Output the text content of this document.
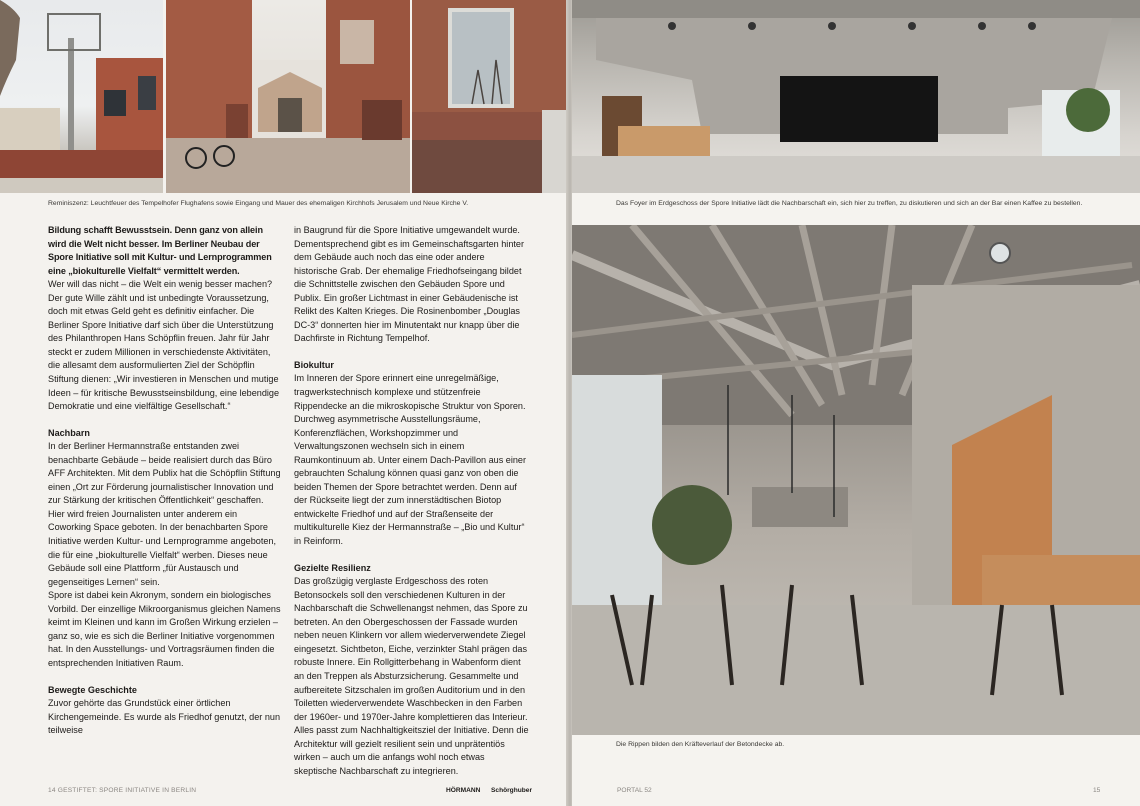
Reminiszenz: Leuchtfeuer des Tempelhofer Flughafens sowie Eingang und Mauer des ehemaligen Kirchhofs Jerusalem und Neue Kirche V.

Bildung schafft Bewusstsein. Denn ganz von allein wird die Welt nicht besser. Im Berliner Neubau der Spore Initiative soll mit Kultur- und Lernprogrammen eine „biokulturelle Vielfalt“ vermittelt werden.

Wer will das nicht – die Welt ein wenig besser machen? Der gute Wille zählt und ist unbedingte Voraussetzung, doch mit etwas Geld geht es definitiv einfacher. Die Berliner Spore Initiative darf sich über die Unterstützung des Philanthropen Hans Schöpflin freuen. Jahr für Jahr steckt er zudem Millionen in verschiedenste Aktivitäten, die allesamt dem ausformulierten Ziel der Schöpflin Stiftung dienen: „Wir investieren in Menschen und mutige Ideen – für kritische Bewusstseinsbildung, eine lebendige Demokratie und eine vielfältige Gesellschaft.“

Nachbarn

In der Berliner Hermannstraße entstanden zwei benachbarte Gebäude – beide realisiert durch das Büro AFF Architekten. Mit dem Publix hat die Schöpflin Stiftung einen „Ort zur Förderung journalistischer Innovation und zur Stärkung der kritischen Öffentlichkeit“ geschaffen. Hier wird freien Journalisten unter anderem ein Coworking Space geboten. In der benachbarten Spore Initiative werden Kultur- und Lernprogramme angeboten, die für eine „biokulturelle Vielfalt“ werben. Dieses neue Gebäude soll eine Plattform „für Austausch und gegenseitiges Lernen“ sein.

Spore ist dabei kein Akronym, sondern ein biologisches Vorbild. Der einzellige Mikroorganismus gleichen Namens keimt im Kleinen und kann im Großen Wirkung erzielen – ganz so, wie es sich die Berliner Initiative vorgenommen hat. In den Ausstellungs- und Vortragsräumen finden die entsprechenden Initiativen Raum.

Bewegte Geschichte

Zuvor gehörte das Grundstück einer örtlichen Kirchengemeinde. Es wurde als Friedhof genutzt, der nun teilweise

in Baugrund für die Spore Initiative umgewandelt wurde. Dementsprechend gibt es im Gemeinschaftsgarten hinter dem Gebäude auch noch das eine oder andere historische Grab. Der ehemalige Friedhofseingang bildet die Schnittstelle zwischen den Gebäuden Spore und Publix. Ein großer Lichtmast in einer Gebäudenische ist Relikt des Kalten Krieges. Die Rosinenbomber „Douglas DC-3“ donnerten hier im Minutentakt nur knapp über die Dachfirste in Richtung Tempelhof.

Biokultur

Im Inneren der Spore erinnert eine unregelmäßige, tragwerkstechnisch komplexe und stützenfreie Rippendecke an die mikroskopische Struktur von Sporen. Durchweg asymmetrische Ausstellungsräume, Konferenzflächen, Workshopzimmer und Verwaltungszonen wechseln sich in einem Raumkontinuum ab. Unter einem Dach-Pavillon aus einer gebrauchten Schalung können quasi ganz von oben die beiden Themen der Spore betrachtet werden. Denn auf der Rückseite liegt der zum innerstädtischen Biotop entwickelte Friedhof und auf der Straßenseite der multikulturelle Kiez der Hermannstraße – „Bio und Kultur“ in Reinform.

Gezielte Resilienz

Das großzügig verglaste Erdgeschoss des roten Betonsockels soll den verschiedenen Kulturen in der Nachbarschaft die Schwellenangst nehmen, das Spore zu betreten. An den Obergeschossen der Fassade wurden neben neuen Klinkern vor allem wiederverwendete Ziegel eingesetzt. Sichtbeton, Eiche, verzinkter Stahl prägen das robuste Innere. Ein Rollgitterbehang in Wabenform dient an den Treppen als Absturzsicherung. Gesammelte und aufbereitete Sitzschalen im großen Auditorium und in den Toiletten wiederverwendete Waschbecken in den Farben der 1960er- und 1970er-Jahre komplettieren das Interieur. Alles passt zum Nachhaltigkeitsziel der Initiative. Denn die Architektur will gezielt resilient sein und unprätentiös wirken – auch um die anfangs wohl noch etwas skeptische Nachbarschaft zu integrieren.

14 GESTIFTET: SPORE INITIATIVE IN BERLIN	HÖRMANN Schörghuber
Das Foyer im Erdgeschoss der Spore Initiative lädt die Nachbarschaft ein, sich hier zu treffen, zu diskutieren und sich an der Bar einen Kaffee zu bestellen.
Die Rippen bilden den Kräfteverlauf der Betondecke ab.
PORTAL 52	15
